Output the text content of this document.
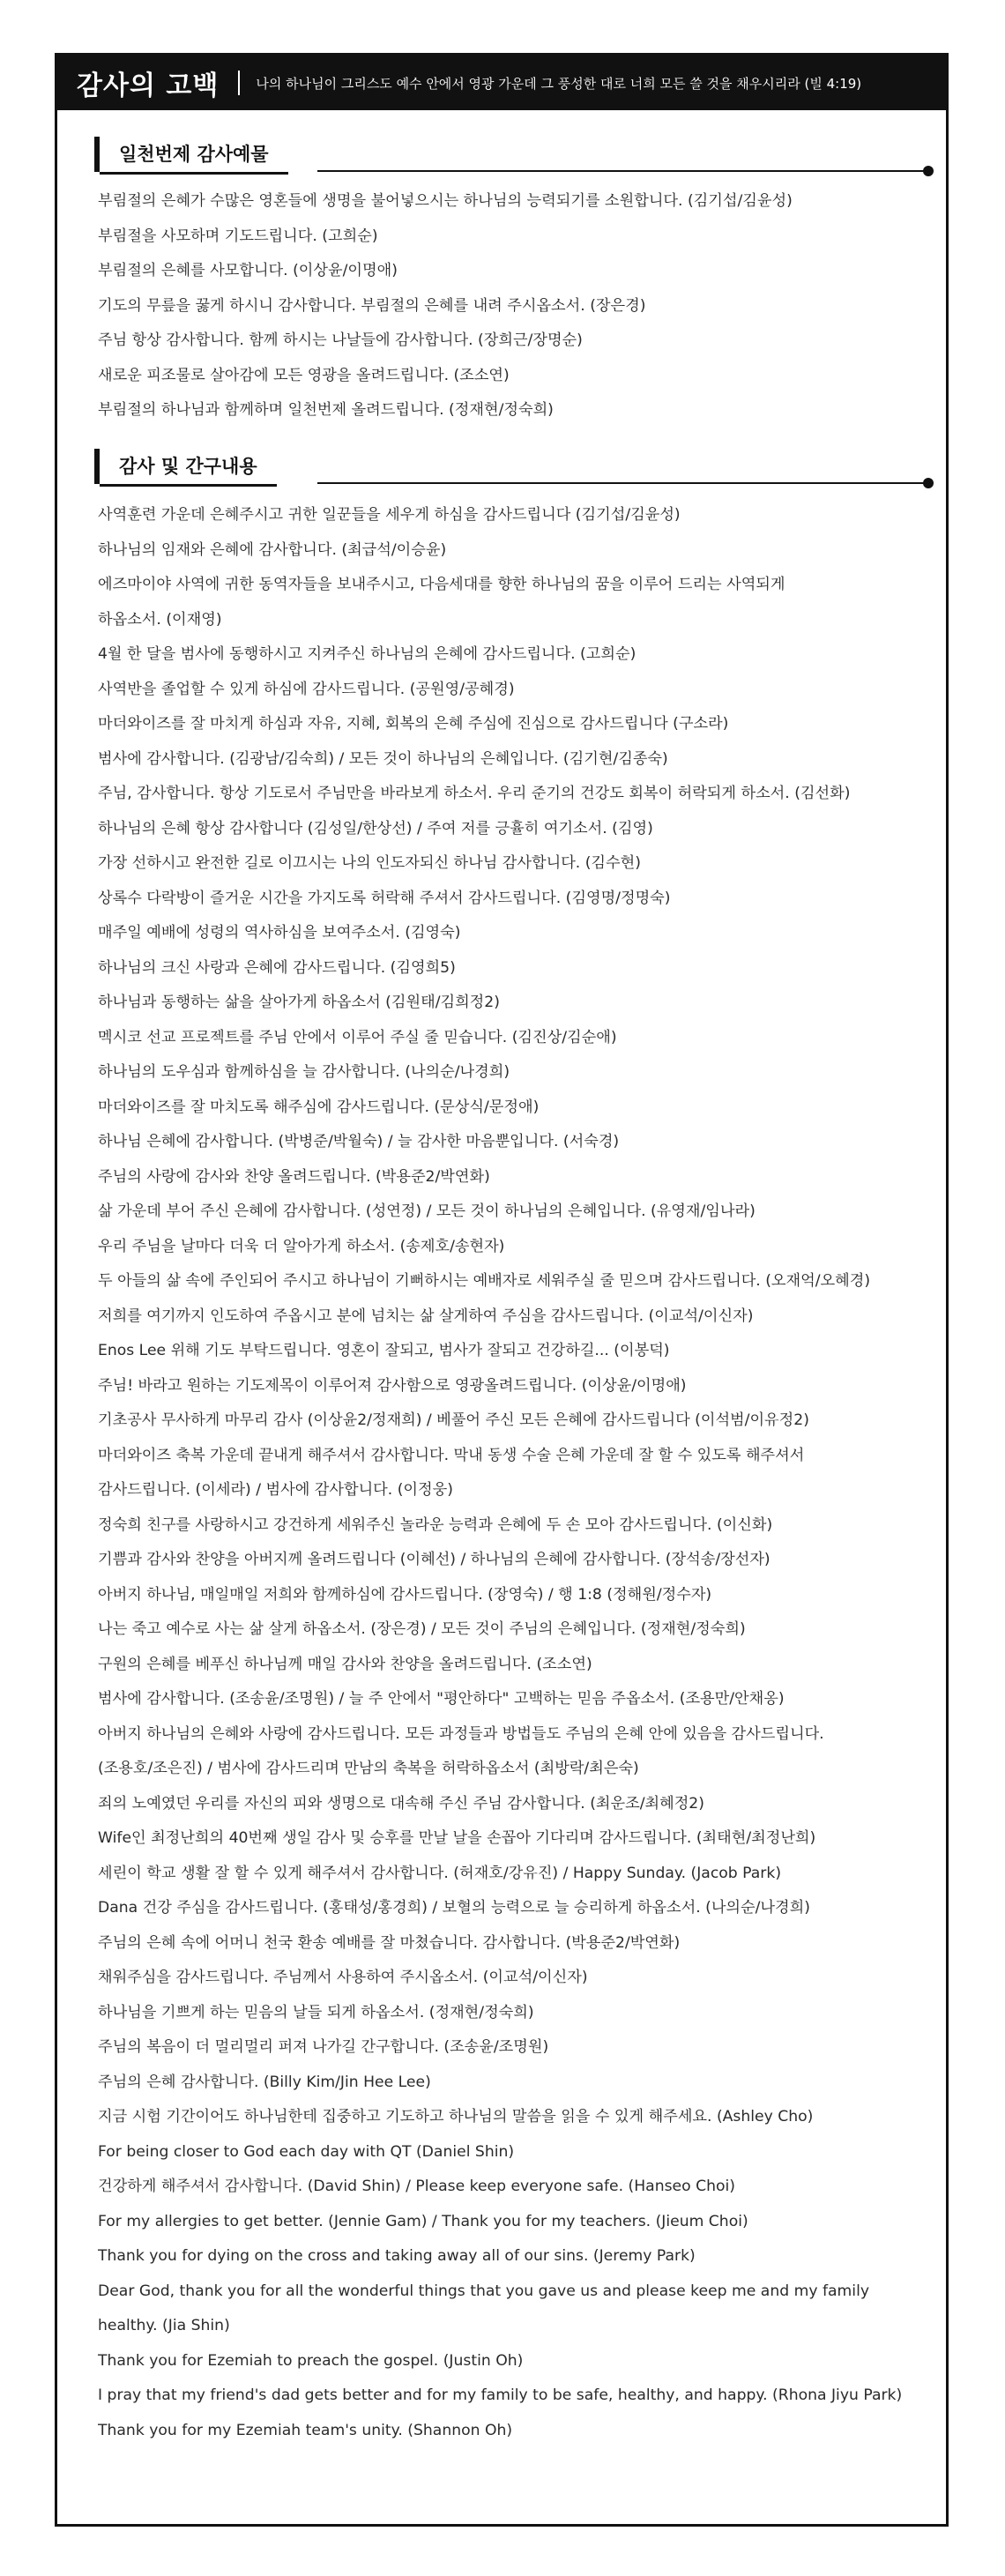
감사의 고백	나의 하나님이 그리스도 예수 안에서 영광 가운데 그 풍성한 대로 너희 모든 쓸 것을 채우시리라 (빌 4:19)
일천번제 감사예물
부림절의 은혜가 수많은 영혼들에 생명을 불어넣으시는 하나님의 능력되기를 소원합니다. (김기섭/김윤성)
부림절을 사모하며 기도드립니다. (고희순)
부림절의 은혜를 사모합니다. (이상윤/이명애)
기도의 무릎을 꿇게 하시니 감사합니다. 부림절의 은혜를 내려 주시옵소서. (장은경)
주님 항상 감사합니다. 함께 하시는 나날들에 감사합니다. (장희근/장명순)
새로운 피조물로 살아감에 모든 영광을 올려드립니다. (조소연)
부림절의 하나님과 함께하며 일천번제 올려드립니다. (정재현/정숙희)
감사 및 간구내용
사역훈련 가운데 은혜주시고 귀한 일꾼들을 세우게 하심을 감사드립니다 (김기섭/김윤성)
하나님의 임재와 은혜에 감사합니다. (최급석/이승윤)
에즈마이야 사역에 귀한 동역자들을 보내주시고, 다음세대를 향한 하나님의 꿈을 이루어 드리는 사역되게
하옵소서. (이재영)
4월 한 달을 범사에 동행하시고 지켜주신 하나님의 은혜에 감사드립니다. (고희순)
사역반을 졸업할 수 있게 하심에 감사드립니다. (공원영/공혜경)
마더와이즈를 잘 마치게 하심과 자유, 지혜, 회복의 은혜 주심에 진심으로 감사드립니다 (구소라)
범사에 감사합니다. (김광남/김숙희) / 모든 것이 하나님의 은혜입니다. (김기현/김종숙)
주님, 감사합니다. 항상 기도로서 주님만을 바라보게 하소서. 우리 준기의 건강도 회복이 허락되게 하소서. (김선화)
하나님의 은혜 항상 감사합니다 (김성일/한상선) / 주여 저를 긍휼히 여기소서. (김영)
가장 선하시고 완전한 길로 이끄시는 나의 인도자되신 하나님 감사합니다. (김수현)
상록수 다락방이 즐거운 시간을 가지도록 허락해 주셔서 감사드립니다. (김영명/정명숙)
매주일 예배에 성령의 역사하심을 보여주소서. (김영숙)
하나님의 크신 사랑과 은혜에 감사드립니다. (김영희5)
하나님과 동행하는 삶을 살아가게 하옵소서 (김원태/김희정2)
멕시코 선교 프로젝트를 주님 안에서 이루어 주실 줄 믿습니다. (김진상/김순애)
하나님의 도우심과 함께하심을 늘 감사합니다. (나의순/나경희)
마더와이즈를 잘 마치도록 해주심에 감사드립니다. (문상식/문정애)
하나님 은혜에 감사합니다. (박병준/박월숙) / 늘 감사한 마음뿐입니다. (서숙경)
주님의 사랑에 감사와 찬양 올려드립니다. (박용준2/박연화)
삶 가운데 부어 주신 은혜에 감사합니다. (성연정) / 모든 것이 하나님의 은혜입니다. (유영재/임나라)
우리 주님을 날마다 더욱 더 알아가게 하소서. (송제호/송현자)
두 아들의 삶 속에 주인되어 주시고 하나님이 기뻐하시는 예배자로 세워주실 줄 믿으며 감사드립니다. (오재억/오혜경)
저희를 여기까지 인도하여 주옵시고 분에 넘치는 삶 살게하여 주심을 감사드립니다. (이교석/이신자)
Enos Lee 위해 기도 부탁드립니다. 영혼이 잘되고, 범사가 잘되고 건강하길... (이봉덕)
주님! 바라고 원하는 기도제목이 이루어져 감사함으로 영광올려드립니다. (이상윤/이명애)
기초공사 무사하게 마무리 감사 (이상윤2/정재희) / 베풀어 주신 모든 은혜에 감사드립니다 (이석범/이유정2)
마더와이즈 축복 가운데 끝내게 해주셔서 감사합니다. 막내 동생 수술 은혜 가운데 잘 할 수 있도록 해주셔서
감사드립니다. (이세라) / 범사에 감사합니다. (이정웅)
정숙희 친구를 사랑하시고 강건하게 세워주신 놀라운 능력과 은혜에 두 손 모아 감사드립니다. (이신화)
기쁨과 감사와 찬양을 아버지께 올려드립니다 (이혜선) / 하나님의 은혜에 감사합니다. (장석송/장선자)
아버지 하나님, 매일매일 저희와 함께하심에 감사드립니다. (장영숙) / 행 1:8 (정해원/정수자)
나는 죽고 예수로 사는 삶 살게 하옵소서. (장은경) / 모든 것이 주님의 은혜입니다. (정재현/정숙희)
구원의 은혜를 베푸신 하나님께 매일 감사와 찬양을 올려드립니다. (조소연)
범사에 감사합니다. (조송윤/조명원) / 늘 주 안에서 "평안하다" 고백하는 믿음 주옵소서. (조용만/안채옹)
아버지 하나님의 은혜와 사랑에 감사드립니다. 모든 과정들과 방법들도 주님의 은혜 안에 있음을 감사드립니다.
(조용호/조은진) / 범사에 감사드리며 만남의 축복을 허락하옵소서 (최방락/최은숙)
죄의 노예였던 우리를 자신의 피와 생명으로 대속해 주신 주님 감사합니다. (최운조/최혜정2)
Wife인 최정난희의 40번째 생일 감사 및 승후를 만날 날을 손꼽아 기다리며 감사드립니다. (최태현/최정난희)
세린이 학교 생활 잘 할 수 있게 해주셔서 감사합니다. (허재호/강유진) / Happy Sunday. (Jacob Park)
Dana 건강 주심을 감사드립니다. (홍태성/홍경희) / 보혈의 능력으로 늘 승리하게 하옵소서. (나의순/나경희)
주님의 은혜 속에 어머니 천국 환송 예배를 잘 마쳤습니다. 감사합니다. (박용준2/박연화)
채워주심을 감사드립니다. 주님께서 사용하여 주시옵소서. (이교석/이신자)
하나님을 기쁘게 하는 믿음의 날들 되게 하옵소서. (정재현/정숙희)
주님의 복음이 더 멀리멀리 퍼져 나가길 간구합니다. (조송윤/조명원)
주님의 은혜 감사합니다. (Billy Kim/Jin Hee Lee)
지금 시험 기간이어도 하나님한테 집중하고 기도하고 하나님의 말씀을 읽을 수 있게 해주세요. (Ashley Cho)
For being closer to God each day with QT (Daniel Shin)
건강하게 해주셔서 감사합니다. (David Shin) / Please keep everyone safe. (Hanseo Choi)
For my allergies to get better. (Jennie Gam) / Thank you for my teachers. (Jieum Choi)
Thank you for dying on the cross and taking away all of our sins. (Jeremy Park)
Dear God, thank you for all the wonderful things that you gave us and please keep me and my family
healthy. (Jia Shin)
Thank you for Ezemiah to preach the gospel. (Justin Oh)
I pray that my friend's dad gets better and for my family to be safe, healthy, and happy. (Rhona Jiyu Park)
Thank you for my Ezemiah team's unity. (Shannon Oh)
